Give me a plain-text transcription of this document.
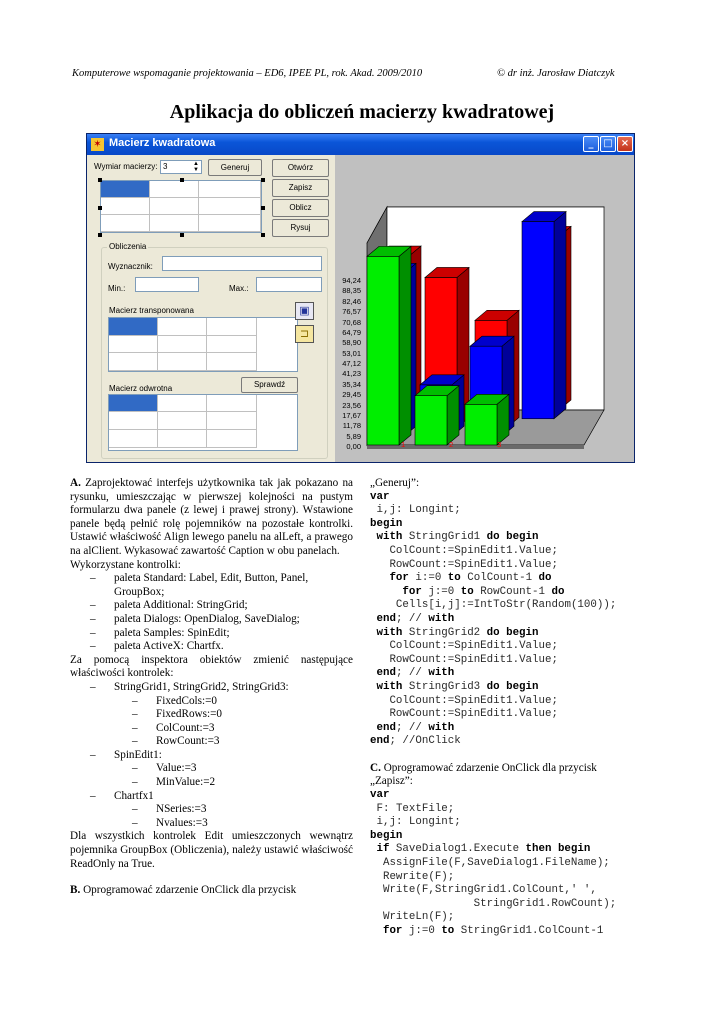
Komputerowe wspomaganie projektowania – ED6, IPEE PL, rok. Akad. 2009/2010	© dr inż. Jarosław Diatczyk
Aplikacja do obliczeń macierzy kwadratowej
✶ Macierz kwadratowa	_ □ ×
Wymiar macierzy: 3	▲
▼	Generuj	Otwórz
Zapisz
Oblicz
Rysuj
Obliczenia
Wyznacznik:
Min.:	Max.:
Macierz transponowana	▣
⊐
Macierz odwrotna	Sprawdź
94,24
88,35
82,46
76,57
70,68
64,79
58,90
53,01
47,12
41,23
35,34
29,45
23,56
17,67
11,78
5,89
0,00	1	2	3

A. Zaprojektować interfejs użytkownika tak jak pokazano na rysunku, umieszczając w pierwszej kolejności na pustym formularzu dwa panele (z lewej i prawej strony). Wstawione panele będą pełnić rolę pojemników na pozostałe kontrolki. Ustawić właściwość Align lewego panelu na alLeft, a prawego na alClient. Wykasować zawartość Caption w obu panelach.

Wykorzystane kontrolki:

– paleta Standard: Label, Edit, Button, Panel, GroupBox;

– paleta Additional: StringGrid;

– paleta Dialogs: OpenDialog, SaveDialog;

– paleta Samples: SpinEdit;

– paleta ActiveX: Chartfx.

Za pomocą inspektora obiektów zmienić następujące właściwości kontrolek:

– StringGrid1, StringGrid2, StringGrid3:

– FixedCols:=0

– FixedRows:=0

– ColCount:=3

– RowCount:=3

– SpinEdit1:

– Value:=3

– MinValue:=2

– Chartfx1

– NSeries:=3

– Nvalues:=3

Dla wszystkich kontrolek Edit umieszczonych wewnątrz pojemnika GroupBox (Obliczenia), należy ustawić właściwość ReadOnly na True.

B. Oprogramować zdarzenie OnClick dla przycisk

„Generuj”:

var
i,j: Longint;
begin
with StringGrid1 do begin
ColCount:=SpinEdit1.Value;
RowCount:=SpinEdit1.Value;
for i:=0 to ColCount-1 do
for j:=0 to RowCount-1 do
Cells[i,j]:=IntToStr(Random(100));
end; // with
with StringGrid2 do begin
ColCount:=SpinEdit1.Value;
RowCount:=SpinEdit1.Value;
end; // with
with StringGrid3 do begin
ColCount:=SpinEdit1.Value;
RowCount:=SpinEdit1.Value;
end; // with
end; //OnClick

C. Oprogramować zdarzenie OnClick dla przycisk

„Zapisz”:

var
F: TextFile;
i,j: Longint;
begin
if SaveDialog1.Execute then begin
AssignFile(F,SaveDialog1.FileName);
Rewrite(F);
Write(F,StringGrid1.ColCount,' ',
StringGrid1.RowCount);
WriteLn(F);
for j:=0 to StringGrid1.ColCount-1
